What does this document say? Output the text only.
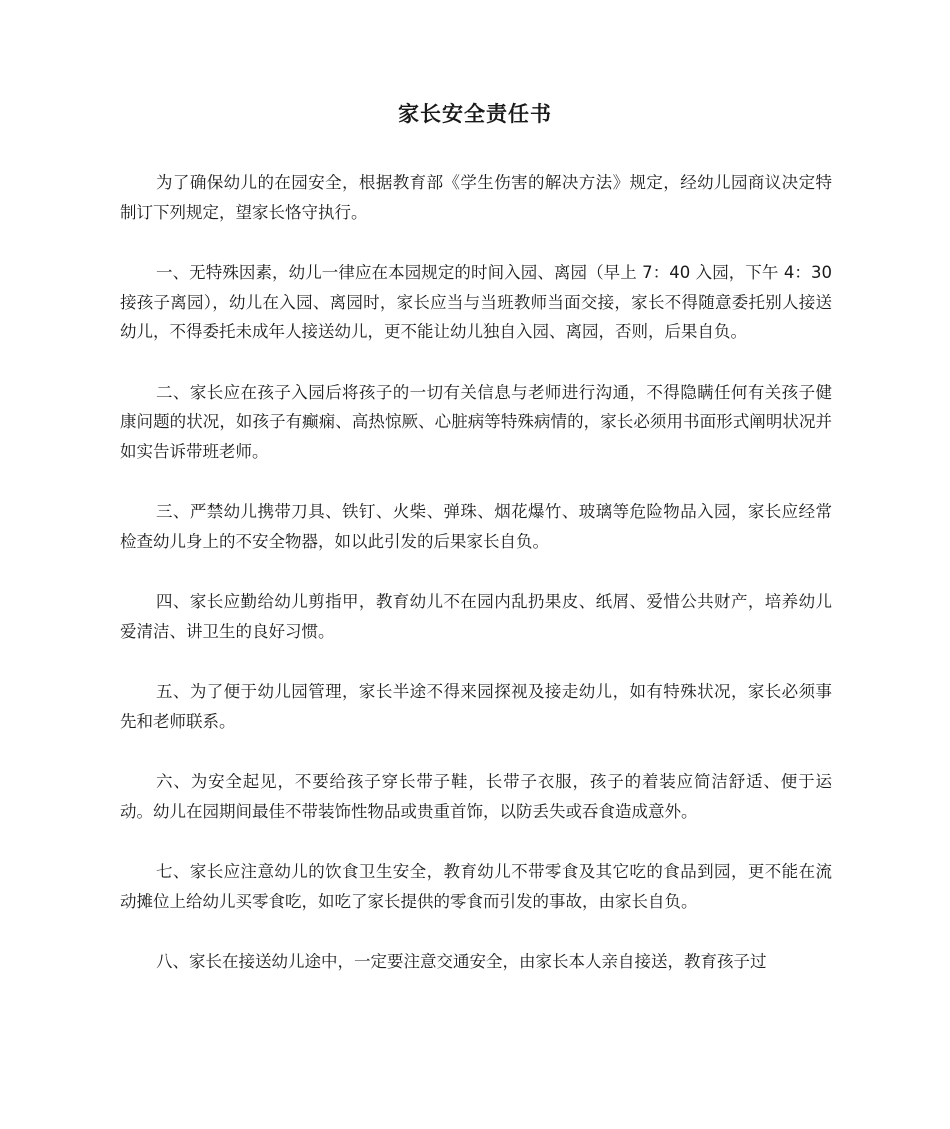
家长安全责任书

为了确保幼儿的在园安全，根据教育部《学生伤害的解决方法》规定，经幼儿园商议决定特制订下列规定，望家长恪守执行。

一、无特殊因素，幼儿一律应在本园规定的时间入园、离园（早上 7：40 入园，下午 4：30 接孩子离园），幼儿在入园、离园时，家长应当与当班教师当面交接，家长不得随意委托别人接送幼儿，不得委托未成年人接送幼儿，更不能让幼儿独自入园、离园，否则，后果自负。

二、家长应在孩子入园后将孩子的一切有关信息与老师进行沟通，不得隐瞒任何有关孩子健康问题的状况，如孩子有癫痫、高热惊厥、心脏病等特殊病情的，家长必须用书面形式阐明状况并如实告诉带班老师。

三、严禁幼儿携带刀具、铁钉、火柴、弹珠、烟花爆竹、玻璃等危险物品入园，家长应经常检查幼儿身上的不安全物器，如以此引发的后果家长自负。

四、家长应勤给幼儿剪指甲，教育幼儿不在园内乱扔果皮、纸屑、爱惜公共财产，培养幼儿爱清洁、讲卫生的良好习惯。

五、为了便于幼儿园管理，家长半途不得来园探视及接走幼儿，如有特殊状况，家长必须事先和老师联系。

六、为安全起见，不要给孩子穿长带子鞋，长带子衣服，孩子的着装应简洁舒适、便于运动。幼儿在园期间最佳不带装饰性物品或贵重首饰，以防丢失或吞食造成意外。

七、家长应注意幼儿的饮食卫生安全，教育幼儿不带零食及其它吃的食品到园，更不能在流动摊位上给幼儿买零食吃，如吃了家长提供的零食而引发的事故，由家长自负。

八、家长在接送幼儿途中，一定要注意交通安全，由家长本人亲自接送，教育孩子过
